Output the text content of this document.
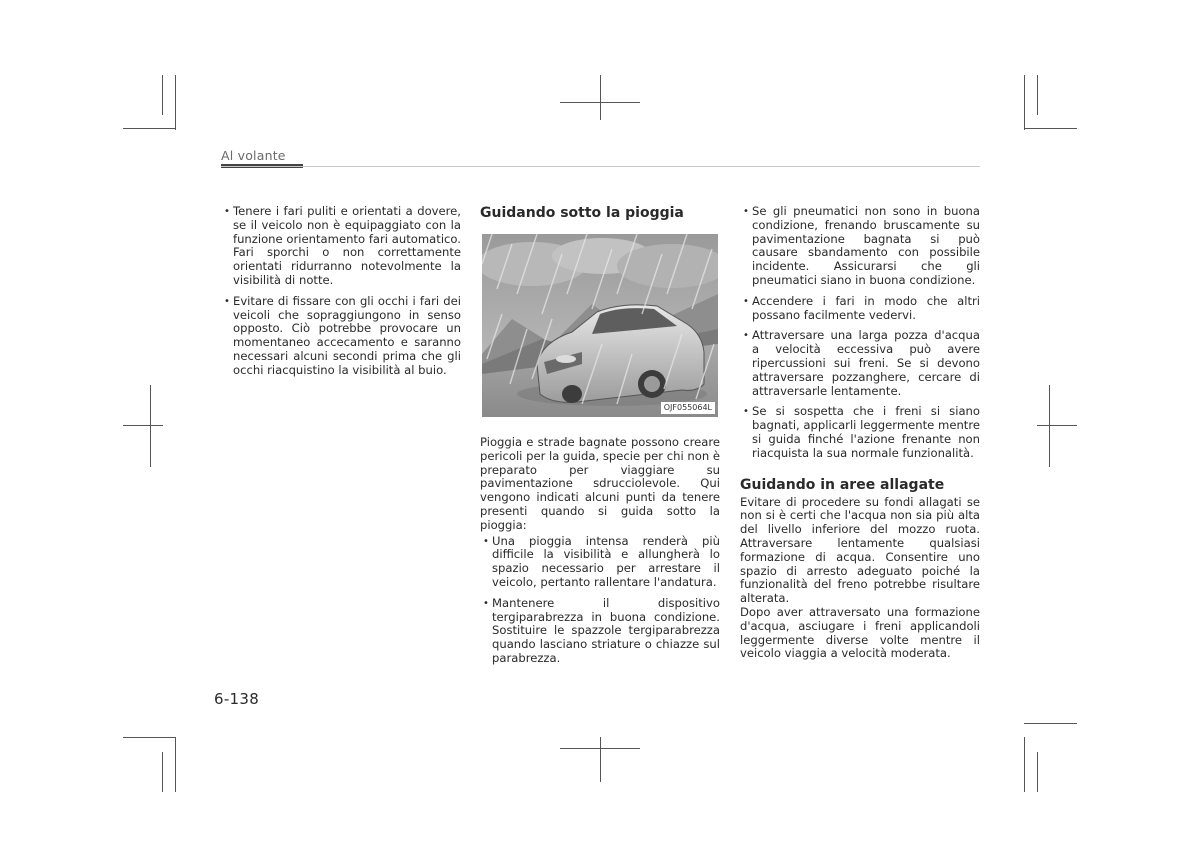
Al volante
• Tenere i fari puliti e orientati a dovere, se il veicolo non è equipaggiato con la funzione orientamento fari automatico. Fari sporchi o non correttamente orientati ridurranno notevolmente la visibilità di notte.
• Evitare di fissare con gli occhi i fari dei veicoli che sopraggiungono in senso opposto. Ciò potrebbe provocare un momentaneo accecamento e saranno necessari alcuni secondi prima che gli occhi riacquistino la visibilità al buio.
Guidando sotto la pioggia
OJF055064L

Pioggia e strade bagnate possono creare pericoli per la guida, specie per chi non è preparato per viaggiare su pavimentazione sdrucciolevole. Qui vengono indicati alcuni punti da tenere presenti quando si guida sotto la pioggia:

• Una pioggia intensa renderà più difficile la visibilità e allungherà lo spazio necessario per arrestare il veicolo, pertanto rallentare l'andatura.
• Mantenere il dispositivo tergiparabrezza in buona condizione. Sostituire le spazzole tergiparabrezza quando lasciano striature o chiazze sul parabrezza.
• Se gli pneumatici non sono in buona condizione, frenando bruscamente su pavimentazione bagnata si può causare sbandamento con possibile incidente. Assicurarsi che gli pneumatici siano in buona condizione.
• Accendere i fari in modo che altri possano facilmente vedervi.
• Attraversare una larga pozza d'acqua a velocità eccessiva può avere ripercussioni sui freni. Se si devono attraversare pozzanghere, cercare di attraversarle lentamente.
• Se si sospetta che i freni si siano bagnati, applicarli leggermente mentre si guida finché l'azione frenante non riacquista la sua normale funzionalità.
Guidando in aree allagate

Evitare di procedere su fondi allagati se non si è certi che l'acqua non sia più alta del livello inferiore del mozzo ruota. Attraversare lentamente qualsiasi formazione di acqua. Consentire uno spazio di arresto adeguato poiché la funzionalità del freno potrebbe risultare alterata.

Dopo aver attraversato una formazione d'acqua, asciugare i freni applicandoli leggermente diverse volte mentre il veicolo viaggia a velocità moderata.

6-138
